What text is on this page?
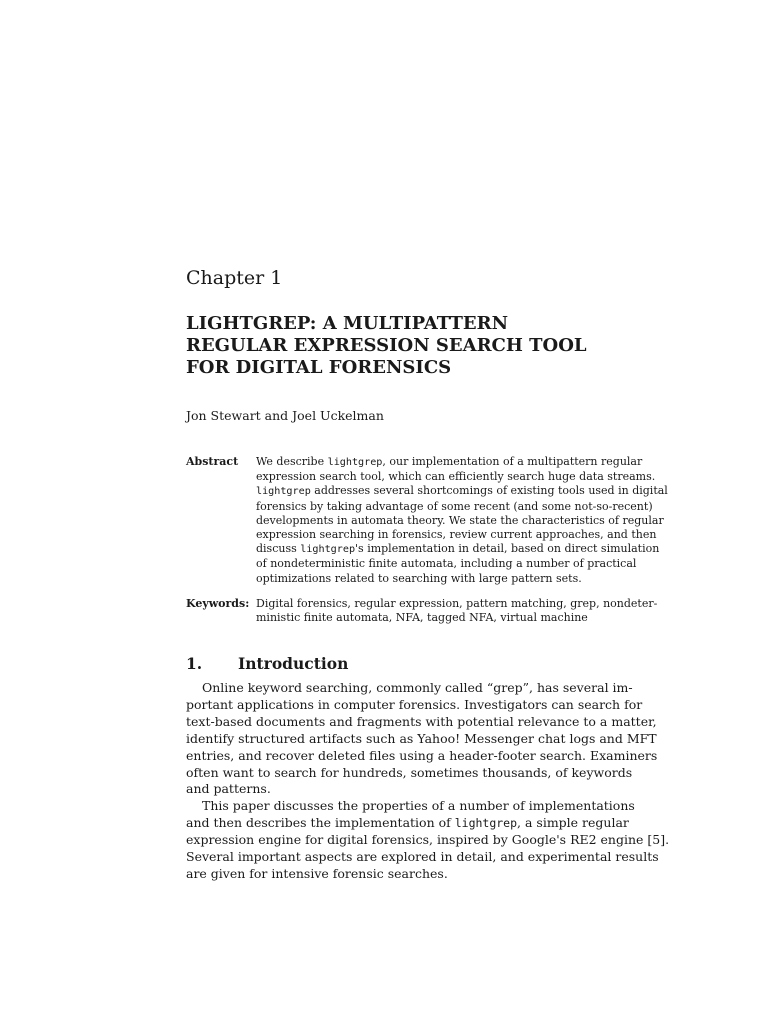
Chapter 1
LIGHTGREP: A MULTIPATTERN
REGULAR EXPRESSION SEARCH TOOL
FOR DIGITAL FORENSICS
Jon Stewart and Joel Uckelman
Abstract We describe lightgrep, our implementation of a multipattern regular
expression search tool, which can efficiently search huge data streams.
lightgrep addresses several shortcomings of existing tools used in digital
forensics by taking advantage of some recent (and some not-so-recent)
developments in automata theory. We state the characteristics of regular
expression searching in forensics, review current approaches, and then
discuss lightgrep's implementation in detail, based on direct simulation
of nondeterministic finite automata, including a number of practical
optimizations related to searching with large pattern sets.
Keywords: Digital forensics, regular expression, pattern matching, grep, nondeter-
ministic finite automata, NFA, tagged NFA, virtual machine
1. Introduction
Online keyword searching, commonly called “grep”, has several im-
portant applications in computer forensics. Investigators can search for
text-based documents and fragments with potential relevance to a matter,
identify structured artifacts such as Yahoo! Messenger chat logs and MFT
entries, and recover deleted files using a header-footer search. Examiners
often want to search for hundreds, sometimes thousands, of keywords
and patterns.
This paper discusses the properties of a number of implementations
and then describes the implementation of lightgrep, a simple regular
expression engine for digital forensics, inspired by Google's RE2 engine [5].
Several important aspects are explored in detail, and experimental results
are given for intensive forensic searches.
